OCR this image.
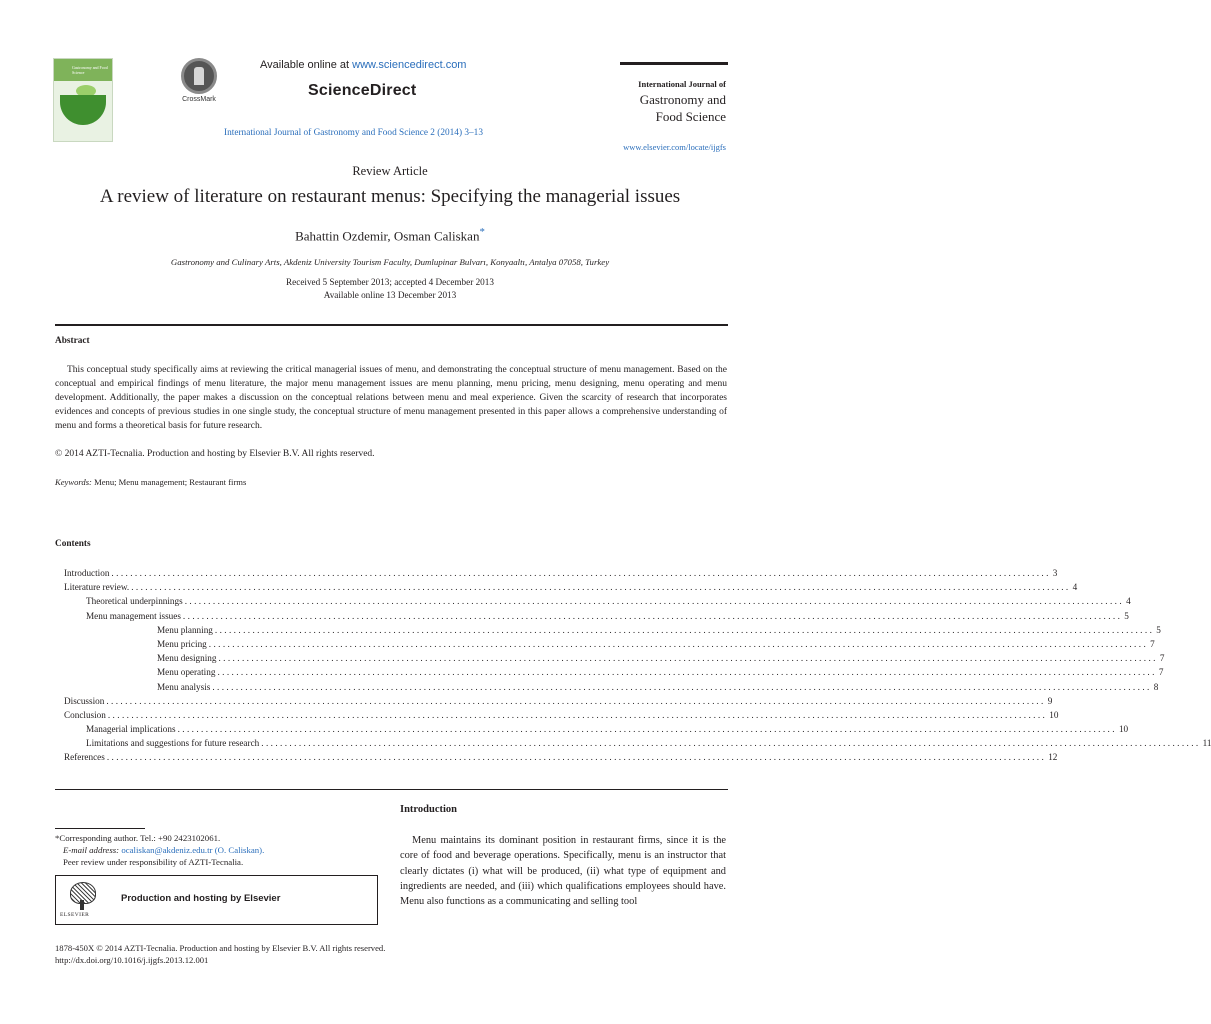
Gastronomy and Food Science
CrossMark
Available online at www.sciencedirect.com
ScienceDirect
International Journal of Gastronomy and Food Science 2 (2014) 3–13
International Journal of
Gastronomy and
Food Science
www.elsevier.com/locate/ijgfs
Review Article
A review of literature on restaurant menus: Specifying the managerial issues
Bahattin Ozdemir, Osman Caliskan*
Gastronomy and Culinary Arts, Akdeniz University Tourism Faculty, Dumlupinar Bulvarı, Konyaaltı, Antalya 07058, Turkey
Received 5 September 2013; accepted 4 December 2013
Available online 13 December 2013
Abstract
This conceptual study specifically aims at reviewing the critical managerial issues of menu, and demonstrating the conceptual structure of menu management. Based on the conceptual and empirical findings of menu literature, the major menu management issues are menu planning, menu pricing, menu designing, menu operating and menu development. Additionally, the paper makes a discussion on the conceptual relations between menu and meal experience. Given the scarcity of research that incorporates evidences and concepts of previous studies in one single study, the conceptual structure of menu management presented in this paper allows a comprehensive understanding of menu and forms a theoretical basis for future research.
© 2014 AZTI-Tecnalia. Production and hosting by Elsevier B.V. All rights reserved.
Keywords: Menu; Menu management; Restaurant firms
Contents
Introduction ........................................................................................................................................................................................................ 3
Literature review. ........................................................................................................................................................................................................ 4
Theoretical underpinnings ........................................................................................................................................................................................................ 4
Menu management issues ........................................................................................................................................................................................................ 5
Menu planning ........................................................................................................................................................................................................ 5
Menu pricing ........................................................................................................................................................................................................ 7
Menu designing ........................................................................................................................................................................................................ 7
Menu operating ........................................................................................................................................................................................................ 7
Menu analysis ........................................................................................................................................................................................................ 8
Discussion ........................................................................................................................................................................................................ 9
Conclusion ........................................................................................................................................................................................................ 10
Managerial implications ........................................................................................................................................................................................................ 10
Limitations and suggestions for future research ........................................................................................................................................................................................................ 11
References ........................................................................................................................................................................................................ 12
Introduction
Menu maintains its dominant position in restaurant firms, since it is the core of food and beverage operations. Specifically, menu is an instructor that clearly dictates (i) what will be produced, (ii) what type of equipment and ingredients are needed, and (iii) which qualifications employees should have. Menu also functions as a communicating and selling tool
*Corresponding author. Tel.: +90 2423102061.
E-mail address: ocaliskan@akdeniz.edu.tr (O. Caliskan).
Peer review under responsibility of AZTI-Tecnalia.
ELSEVIER
Production and hosting by Elsevier
1878-450X © 2014 AZTI-Tecnalia. Production and hosting by Elsevier B.V. All rights reserved.
http://dx.doi.org/10.1016/j.ijgfs.2013.12.001
